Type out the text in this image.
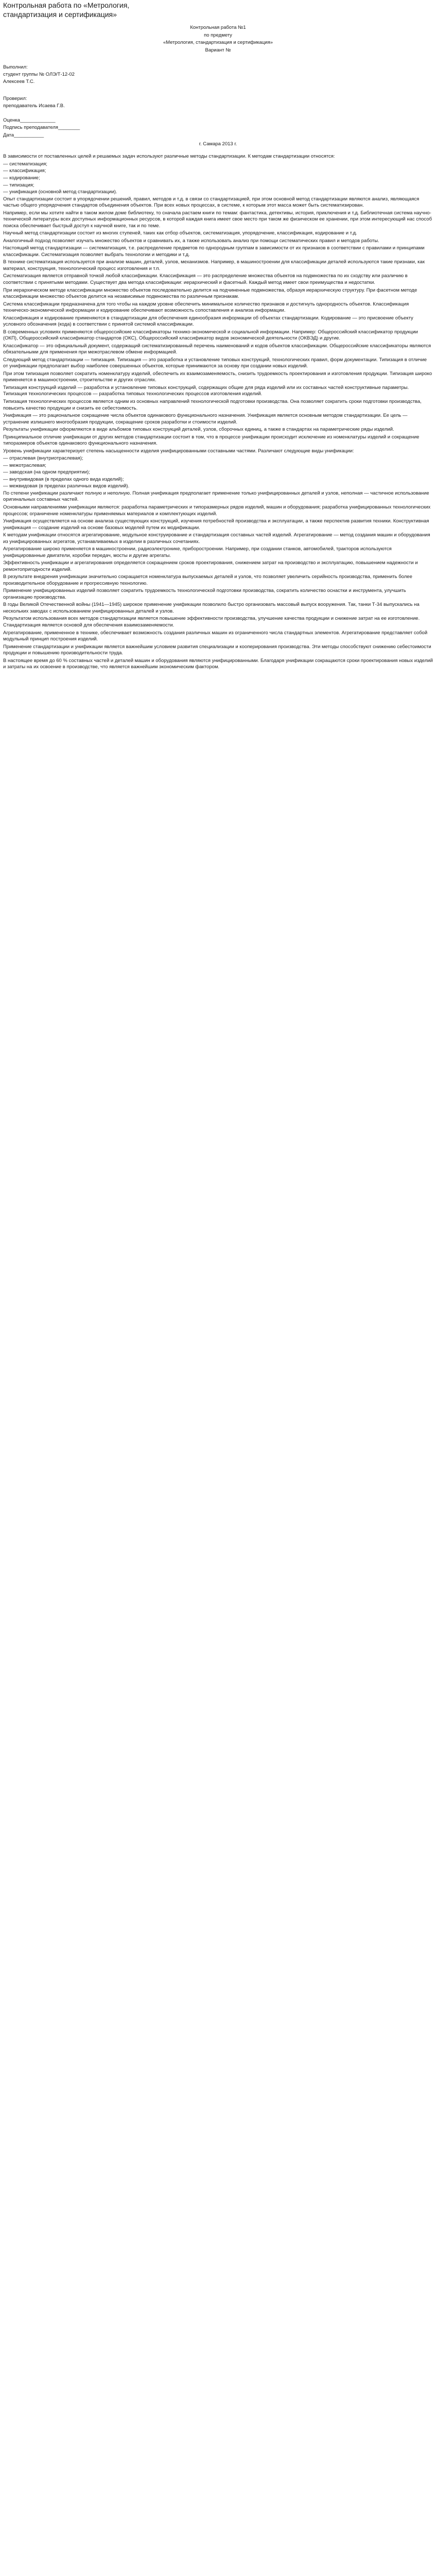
Контрольная работа по «Метрология, стандартизация и сертификация»

Контрольная работа №1

по предмету

«Метрология, стандартизация и сертификация»

Вариант №

Выполнил:

студент группы № ОЛЭ/Т-12-02

Алексеев Т.С.

Проверил:

преподаватель Исаева Г.В.

Оценка_____________

Подпись преподавателя________

Дата___________

г. Самара 2013 г.

В зависимости от поставленных целей и решаемых задач используют различные методы стандартизации. К методам стандартизации относятся:

— систематизация;

— классификация;

— кодирование;

— типизация;

— унификация (основной метод стандартизации).

Опыт стандартизации состоит в упорядочении решений, правил, методов и т.д. в связи со стандартизацией, при этом основной метод стандартизации являются анализ, являющаяся частью общего упорядочения стандартов объединения объектов. При всех новых процессах, в системе, к которым этот масса может быть систематизирован.

Например, если мы хотите найти в таком жилом доме библиотеку, то сначала растаем книги по темам: фантастика, детективы, история, приключения и т.д. Библиотечная система научно-технической литературы всех доступных информационных ресурсов, в которой каждая книга имеет свое место при таком же физическом ее хранении, при этом интересующий нас способ поиска обеспечивает быстрый доступ к научной книге, так и по теме.

Научный метод стандартизации состоит из многих ступеней, таких как отбор объектов, систематизация, упорядочение, классификация, кодирование и т.д.

Аналогичный подход позволяет изучать множество объектов и сравнивать их, а также использовать анализ при помощи систематических правил и методов работы.

Настоящий метод стандартизации — систематизация, т.е. распределение предметов по однородным группам в зависимости от их признаков в соответствии с правилами и принципами классификации. Систематизация позволяет выбрать технологии и методики и т.д.

В технике систематизация используется при анализе машин, деталей, узлов, механизмов. Например, в машиностроении для классификации деталей используются такие признаки, как материал, конструкция, технологический процесс изготовления и т.п.

Систематизация является отправной точкой любой классификации. Классификация — это распределение множества объектов на подмножества по их сходству или различию в соответствии с принятыми методами. Существует два метода классификации: иерархический и фасетный. Каждый метод имеет свои преимущества и недостатки.

При иерархическом методе классификации множество объектов последовательно делится на подчиненные подмножества, образуя иерархическую структуру. При фасетном методе классификации множество объектов делится на независимые подмножества по различным признакам.

Система классификации предназначена для того чтобы на каждом уровне обеспечить минимальное количество признаков и достигнуть однородность объектов. Классификация техническо-экономической информации и кодирование обеспечивают возможность сопоставления и анализа информации.

Классификация и кодирование применяются в стандартизации для обеспечения единообразия информации об объектах стандартизации. Кодирование — это присвоение объекту условного обозначения (кода) в соответствии с принятой системой классификации.

В современных условиях применяются общероссийские классификаторы технико-экономической и социальной информации. Например: Общероссийский классификатор продукции (ОКП), Общероссийский классификатор стандартов (ОКС), Общероссийский классификатор видов экономической деятельности (ОКВЭД) и другие.

Классификатор — это официальный документ, содержащий систематизированный перечень наименований и кодов объектов классификации. Общероссийские классификаторы являются обязательными для применения при межотраслевом обмене информацией.

Следующий метод стандартизации — типизация. Типизация — это разработка и установление типовых конструкций, технологических правил, форм документации. Типизация в отличие от унификации предполагает выбор наиболее совершенных объектов, которые принимаются за основу при создании новых изделий.

При этом типизация позволяет сократить номенклатуру изделий, обеспечить их взаимозаменяемость, снизить трудоемкость проектирования и изготовления продукции. Типизация широко применяется в машиностроении, строительстве и других отраслях.

Типизация конструкций изделий — разработка и установление типовых конструкций, содержащих общие для ряда изделий или их составных частей конструктивные параметры. Типизация технологических процессов — разработка типовых технологических процессов изготовления изделий.

Типизация технологических процессов является одним из основных направлений технологической подготовки производства. Она позволяет сократить сроки подготовки производства, повысить качество продукции и снизить ее себестоимость.

Унификация — это рациональное сокращение числа объектов одинакового функционального назначения. Унификация является основным методом стандартизации. Ее цель — устранение излишнего многообразия продукции, сокращение сроков разработки и стоимости изделий.

Результаты унификации оформляются в виде альбомов типовых конструкций деталей, узлов, сборочных единиц, а также в стандартах на параметрические ряды изделий.

Принципиальное отличие унификации от других методов стандартизации состоит в том, что в процессе унификации происходит исключение из номенклатуры изделий и сокращение типоразмеров объектов одинакового функционального назначения.

Уровень унификации характеризует степень насыщенности изделия унифицированными составными частями. Различают следующие виды унификации:

— отраслевая (внутриотраслевая);

— межотраслевая;

— заводская (на одном предприятии);

— внутривидовая (в пределах одного вида изделий);

— межвидовая (в пределах различных видов изделий).

По степени унификации различают полную и неполную. Полная унификация предполагает применение только унифицированных деталей и узлов, неполная — частичное использование оригинальных составных частей.

Основными направлениями унификации являются: разработка параметрических и типоразмерных рядов изделий, машин и оборудования; разработка унифицированных технологических процессов; ограничение номенклатуры применяемых материалов и комплектующих изделий.

Унификация осуществляется на основе анализа существующих конструкций, изучения потребностей производства и эксплуатации, а также перспектив развития техники. Конструктивная унификация — создание изделий на основе базовых моделей путем их модификации.

К методам унификации относятся агрегатирование, модульное конструирование и стандартизация составных частей изделий. Агрегатирование — метод создания машин и оборудования из унифицированных агрегатов, устанавливаемых в изделии в различных сочетаниях.

Агрегатирование широко применяется в машиностроении, радиоэлектронике, приборостроении. Например, при создании станков, автомобилей, тракторов используются унифицированные двигатели, коробки передач, мосты и другие агрегаты.

Эффективность унификации и агрегатирования определяется сокращением сроков проектирования, снижением затрат на производство и эксплуатацию, повышением надежности и ремонтопригодности изделий.

В результате внедрения унификации значительно сокращается номенклатура выпускаемых деталей и узлов, что позволяет увеличить серийность производства, применить более производительное оборудование и прогрессивную технологию.

Применение унифицированных изделий позволяет сократить трудоемкость технологической подготовки производства, сократить количество оснастки и инструмента, улучшить организацию производства.

В годы Великой Отечественной войны (1941—1945) широкое применение унификации позволило быстро организовать массовый выпуск вооружения. Так, танки Т-34 выпускались на нескольких заводах с использованием унифицированных деталей и узлов.

Результатом использования всех методов стандартизации является повышение эффективности производства, улучшение качества продукции и снижение затрат на ее изготовление. Стандартизация является основой для обеспечения взаимозаменяемости.

Агрегатирование, примененное в технике, обеспечивает возможность создания различных машин из ограниченного числа стандартных элементов. Агрегатирование представляет собой модульный принцип построения изделий.

Применение стандартизации и унификации является важнейшим условием развития специализации и кооперирования производства. Эти методы способствуют снижению себестоимости продукции и повышению производительности труда.

В настоящее время до 60 % составных частей и деталей машин и оборудования являются унифицированными. Благодаря унификации сокращаются сроки проектирования новых изделий и затраты на их освоение в производстве, что является важнейшим экономическим фактором.
